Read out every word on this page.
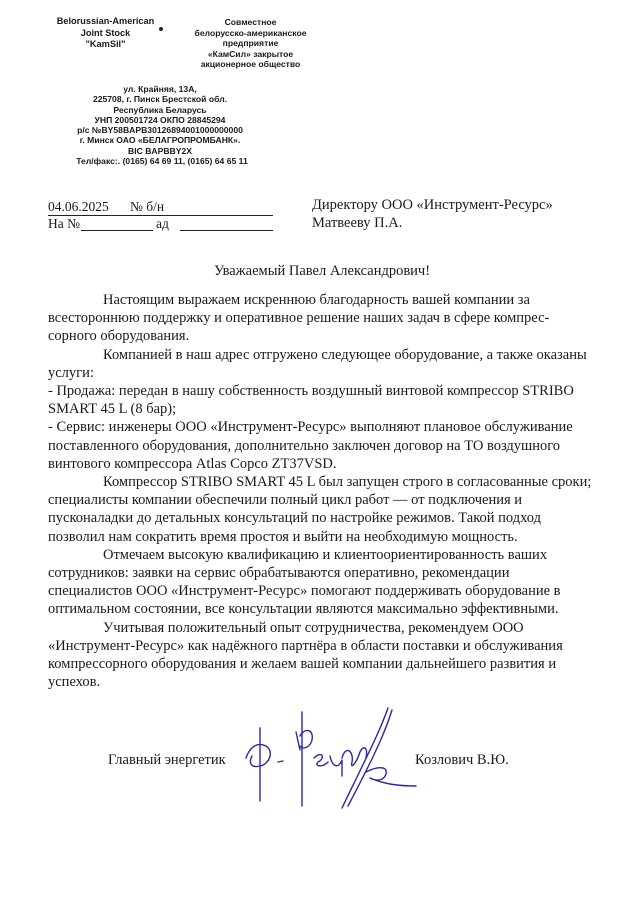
Belorussian-American
Joint Stock
"KamSil"
Совместное
белорусско-американское
предприятие
«КамСил» закрытое
акционерное общество
ул. Крайняя, 13А,
225708, г. Пинск Брестской обл.
Республика Беларусь
УНП 200501724 ОКПО 28845294
р/с №BY58BAPB30126894001000000000
г. Минск ОАО «БЕЛАГРОПРОМБАНК».
BIC BAPBBY2X
Тел/факс:. (0165) 64 69 11, (0165) 64 65 11
04.06.2025 № б/н
На №	ад
Директору ООО «Инструмент-Ресурс»
Матвееву П.А.
Уважаемый Павел Александрович!

Настоящим выражаем искреннюю благодарность вашей компании за всестороннюю поддержку и оперативное решение наших задач в сфере компрес-сорного оборудования.

Компанией в наш адрес отгружено следующее оборудование, а также оказаны услуги:

- Продажа: передан в нашу собственность воздушный винтовой компрессор STRIBO SMART 45 L (8 бар);

- Сервис: инженеры ООО «Инструмент-Ресурс» выполняют плановое обслуживание поставленного оборудования, дополнительно заключен договор на ТО воздушного винтового компрессора Atlas Copco ZT37VSD.

Компрессор STRIBO SMART 45 L был запущен строго в согласованные сроки; специалисты компании обеспечили полный цикл работ — от подключения и пусконаладки до детальных консультаций по настройке режимов. Такой подход позволил нам сократить время простоя и выйти на необходимую мощность.

Отмечаем высокую квалификацию и клиентоориентированность ваших сотрудников: заявки на сервис обрабатываются оперативно, рекомендации специалистов ООО «Инструмент-Ресурс» помогают поддерживать оборудование в оптимальном состоянии, все консультации являются максимально эффективными.

Учитывая положительный опыт сотрудничества, рекомендуем ООО «Инструмент-Ресурс» как надёжного партнёра в области поставки и обслуживания компрессорного оборудования и желаем вашей компании дальнейшего развития и успехов.

Главный энергетик	Козлович В.Ю.
